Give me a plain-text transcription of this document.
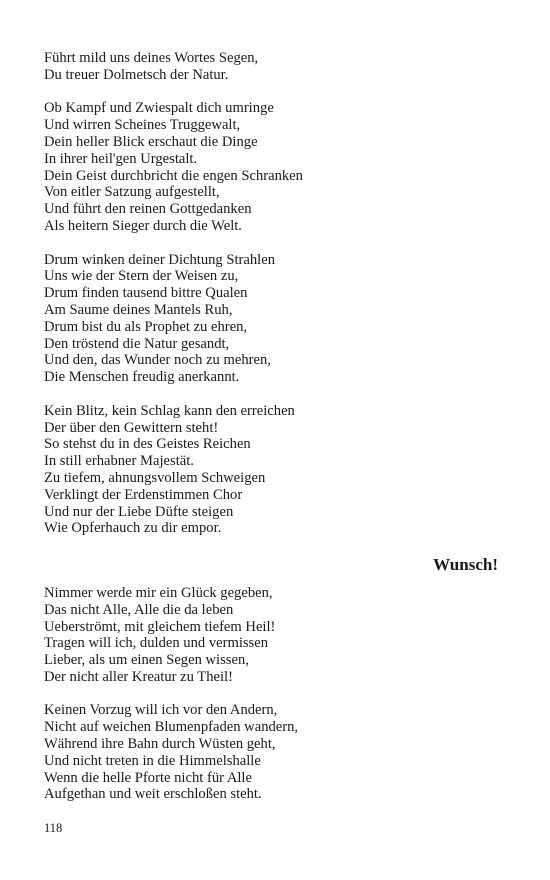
Führt mild uns deines Wortes Segen,
Du treuer Dolmetsch der Natur.
Ob Kampf und Zwiespalt dich umringe
Und wirren Scheines Truggewalt,
Dein heller Blick erschaut die Dinge
In ihrer heil'gen Urgestalt.
Dein Geist durchbricht die engen Schranken
Von eitler Satzung aufgestellt,
Und führt den reinen Gottgedanken
Als heitern Sieger durch die Welt.
Drum winken deiner Dichtung Strahlen
Uns wie der Stern der Weisen zu,
Drum finden tausend bittre Qualen
Am Saume deines Mantels Ruh,
Drum bist du als Prophet zu ehren,
Den tröstend die Natur gesandt,
Und den, das Wunder noch zu mehren,
Die Menschen freudig anerkannt.
Kein Blitz, kein Schlag kann den erreichen
Der über den Gewittern steht!
So stehst du in des Geistes Reichen
In still erhabner Majestät.
Zu tiefem, ahnungsvollem Schweigen
Verklingt der Erdenstimmen Chor
Und nur der Liebe Düfte steigen
Wie Opferhauch zu dir empor.
Wunsch!
Nimmer werde mir ein Glück gegeben,
Das nicht Alle, Alle die da leben
Ueberströmt, mit gleichem tiefem Heil!
Tragen will ich, dulden und vermissen
Lieber, als um einen Segen wissen,
Der nicht aller Kreatur zu Theil!
Keinen Vorzug will ich vor den Andern,
Nicht auf weichen Blumenpfaden wandern,
Während ihre Bahn durch Wüsten geht,
Und nicht treten in die Himmelshalle
Wenn die helle Pforte nicht für Alle
Aufgethan und weit erschloßen steht.
118
